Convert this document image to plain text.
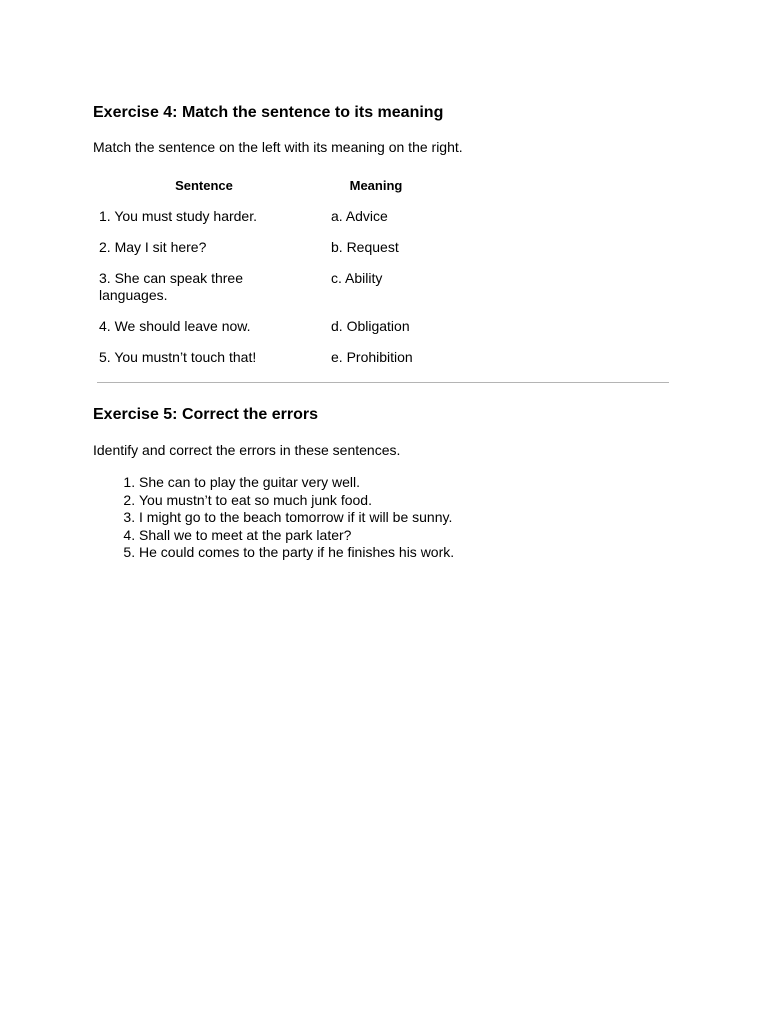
Exercise 4: Match the sentence to its meaning

Match the sentence on the left with its meaning on the right.

Sentence	Meaning
1. You must study harder.	a. Advice
2. May I sit here?	b. Request
3. She can speak three languages.	c. Ability
4. We should leave now.	d. Obligation
5. You mustn’t touch that!	e. Prohibition
Exercise 5: Correct the errors

Identify and correct the errors in these sentences.

1. She can to play the guitar very well.
2. You mustn’t to eat so much junk food.
3. I might go to the beach tomorrow if it will be sunny.
4. Shall we to meet at the park later?
5. He could comes to the party if he finishes his work.
